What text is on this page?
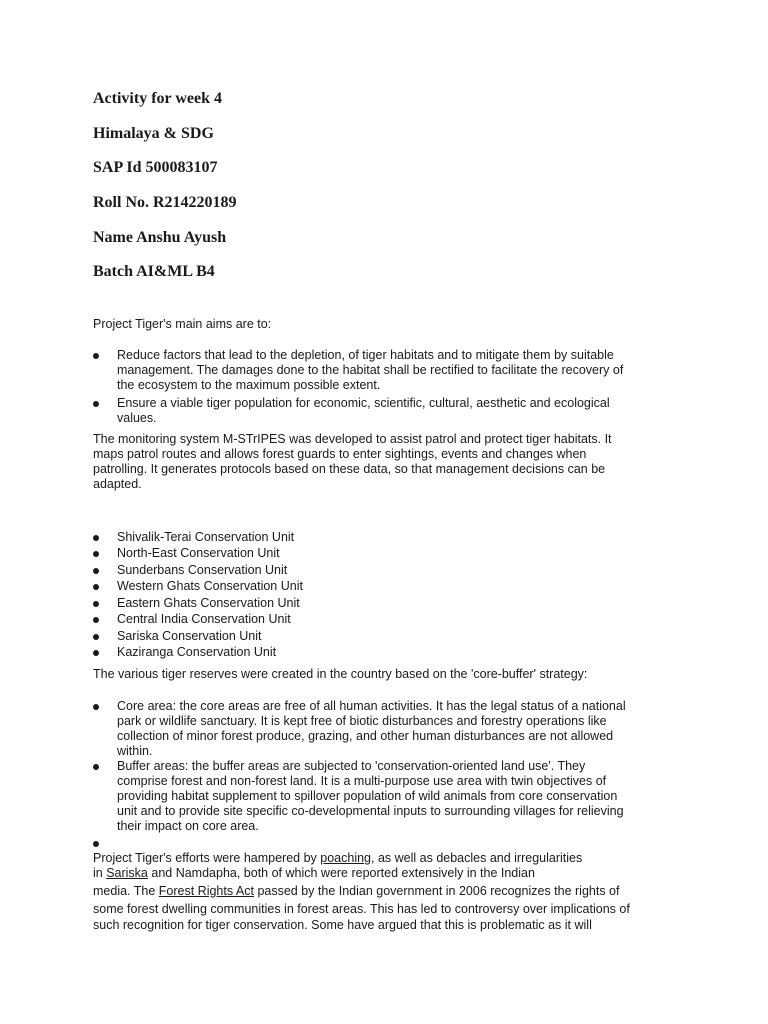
Activity for week 4
Himalaya & SDG
SAP Id 500083107
Roll No. R214220189
Name Anshu Ayush
Batch AI&ML B4
Project Tiger's main aims are to:
Reduce factors that lead to the depletion, of tiger habitats and to mitigate them by suitable
management. The damages done to the habitat shall be rectified to facilitate the recovery of
the ecosystem to the maximum possible extent.
Ensure a viable tiger population for economic, scientific, cultural, aesthetic and ecological
values.
The monitoring system M-STrIPES was developed to assist patrol and protect tiger habitats. It
maps patrol routes and allows forest guards to enter sightings, events and changes when
patrolling. It generates protocols based on these data, so that management decisions can be
adapted.
Shivalik-Terai Conservation Unit
North-East Conservation Unit
Sunderbans Conservation Unit
Western Ghats Conservation Unit
Eastern Ghats Conservation Unit
Central India Conservation Unit
Sariska Conservation Unit
Kaziranga Conservation Unit
The various tiger reserves were created in the country based on the 'core-buffer' strategy:
Core area: the core areas are free of all human activities. It has the legal status of a national
park or wildlife sanctuary. It is kept free of biotic disturbances and forestry operations like
collection of minor forest produce, grazing, and other human disturbances are not allowed
within.
Buffer areas: the buffer areas are subjected to 'conservation-oriented land use'. They
comprise forest and non-forest land. It is a multi-purpose use area with twin objectives of
providing habitat supplement to spillover population of wild animals from core conservation
unit and to provide site specific co-developmental inputs to surrounding villages for relieving
their impact on core area.
Project Tiger's efforts were hampered by poaching, as well as debacles and irregularities
in Sariska and Namdapha, both of which were reported extensively in the Indian
media. The Forest Rights Act passed by the Indian government in 2006 recognizes the rights of
some forest dwelling communities in forest areas. This has led to controversy over implications of
such recognition for tiger conservation. Some have argued that this is problematic as it will
